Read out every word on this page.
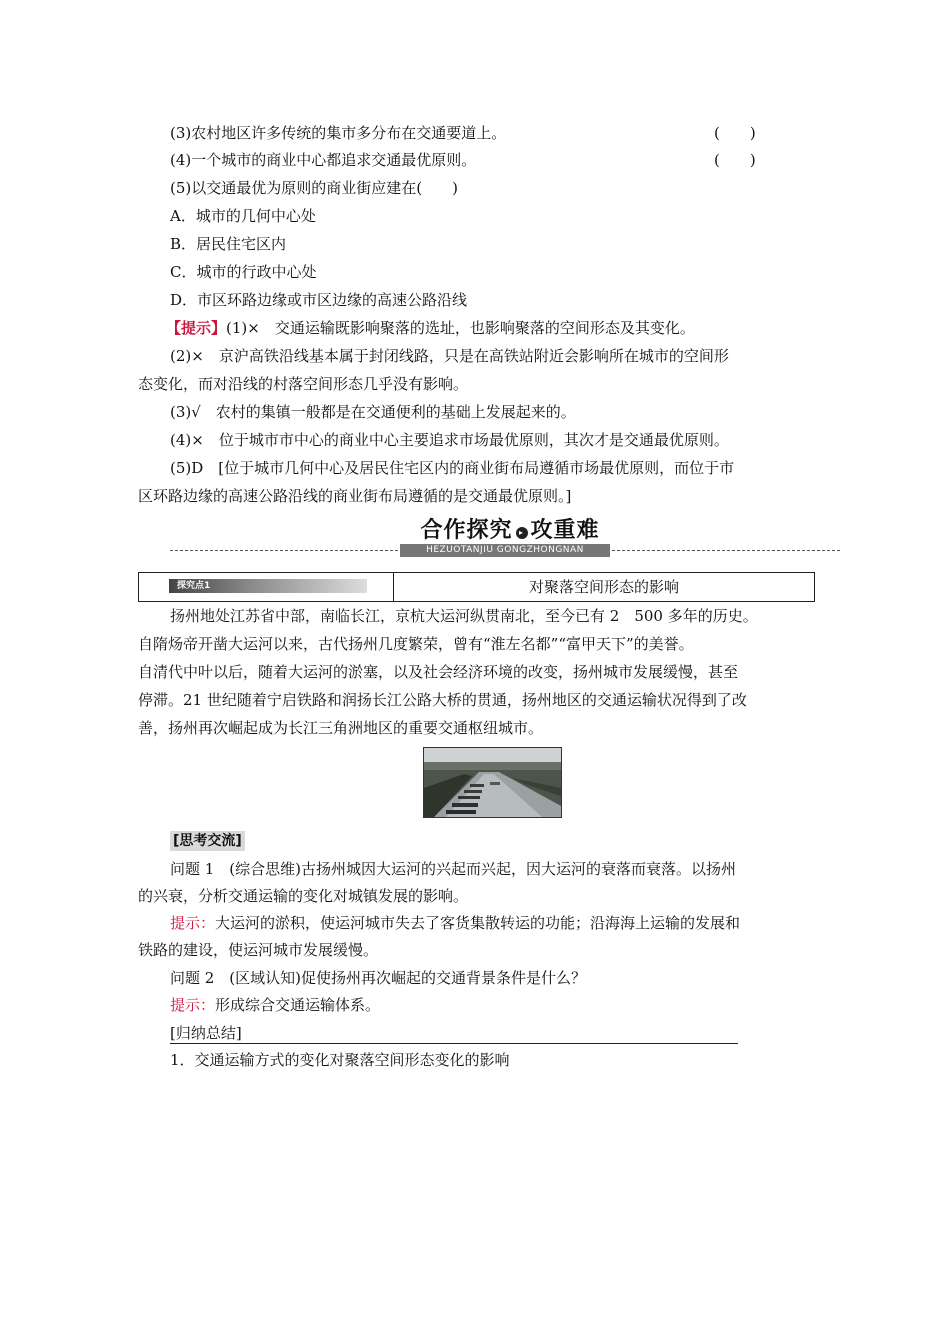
(3)农村地区许多传统的集市多分布在交通要道上。	(　　)
(4)一个城市的商业中心都追求交通最优原则。	(　　)
(5)以交通最优为原则的商业街应建在(　　)
A．城市的几何中心处
B．居民住宅区内
C．城市的行政中心处
D．市区环路边缘或市区边缘的高速公路沿线
【提示】(1)×　交通运输既影响聚落的选址，也影响聚落的空间形态及其变化。
(2)×　京沪高铁沿线基本属于封闭线路，只是在高铁站附近会影响所在城市的空间形
态变化，而对沿线的村落空间形态几乎没有影响。
(3)√　农村的集镇一般都是在交通便利的基础上发展起来的。
(4)×　位于城市市中心的商业中心主要追求市场最优原则，其次才是交通最优原则。
(5)D　[位于城市几何中心及居民住宅区内的商业街布局遵循市场最优原则，而位于市
区环路边缘的高速公路沿线的商业街布局遵循的是交通最优原则。]
合作探究 ▸ 攻重难
HEZUOTANJIU GONGZHONGNAN
探究点1	对聚落空间形态的影响
扬州地处江苏省中部，南临长江，京杭大运河纵贯南北，至今已有 2　500 多年的历史。
自隋炀帝开凿大运河以来，古代扬州几度繁荣，曾有“淮左名都”“富甲天下”的美誉。
自清代中叶以后，随着大运河的淤塞，以及社会经济环境的改变，扬州城市发展缓慢，甚至
停滞。21 世纪随着宁启铁路和润扬长江公路大桥的贯通，扬州地区的交通运输状况得到了改
善，扬州再次崛起成为长江三角洲地区的重要交通枢纽城市。
[思考交流]
问题 1　(综合思维)古扬州城因大运河的兴起而兴起，因大运河的衰落而衰落。以扬州
的兴衰，分析交通运输的变化对城镇发展的影响。
提示：大运河的淤积，使运河城市失去了客货集散转运的功能；沿海海上运输的发展和
铁路的建设，使运河城市发展缓慢。
问题 2　(区域认知)促使扬州再次崛起的交通背景条件是什么？
提示：形成综合交通运输体系。
[归纳总结]
1．交通运输方式的变化对聚落空间形态变化的影响
